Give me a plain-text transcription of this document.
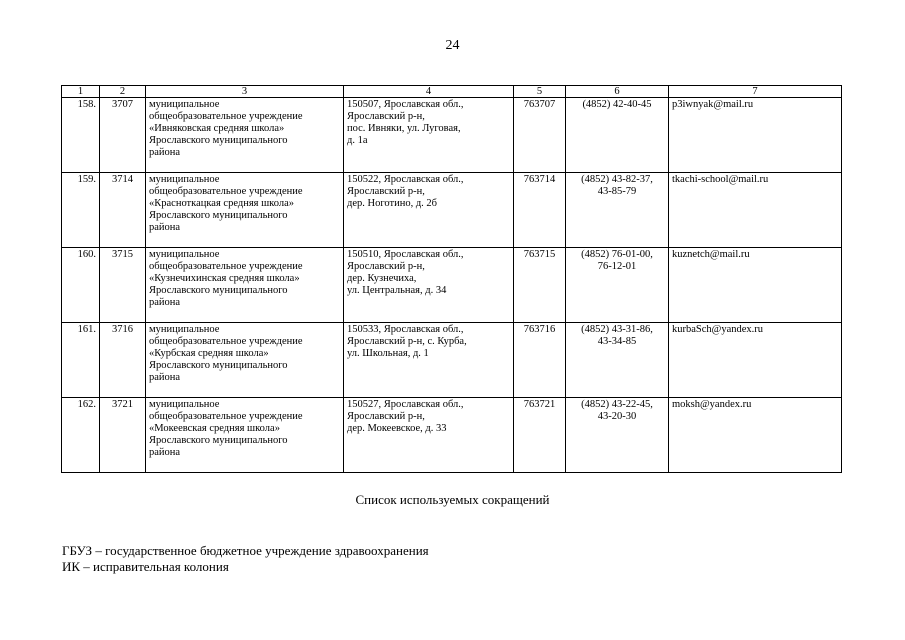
24
1	2	3	4	5	6	7
158.	3707	муниципальное
общеобразовательное учреждение
«Ивняковская средняя школа»
Ярославского муниципального
района	150507, Ярославская обл.,
Ярославский р-н,
пос. Ивняки, ул. Луговая,
д. 1а	763707	(4852) 42-40-45	p3iwnyak@mail.ru
159.	3714	муниципальное
общеобразовательное учреждение
«Красноткацкая средняя школа»
Ярославского муниципального
района	150522, Ярославская обл.,
Ярославский р-н,
дер. Ноготино, д. 2б	763714	(4852) 43-82-37,
43-85-79	tkachi-school@mail.ru
160.	3715	муниципальное
общеобразовательное учреждение
«Кузнечихинская средняя школа»
Ярославского муниципального
района	150510, Ярославская обл.,
Ярославский р-н,
дер. Кузнечиха,
ул. Центральная, д. 34	763715	(4852) 76-01-00,
76-12-01	kuznetch@mail.ru
161.	3716	муниципальное
общеобразовательное учреждение
«Курбская средняя школа»
Ярославского муниципального
района	150533, Ярославская обл.,
Ярославский р-н, с. Курба,
ул. Школьная, д. 1	763716	(4852) 43-31-86,
43-34-85	kurbaSch@yandex.ru
162.	3721	муниципальное
общеобразовательное учреждение
«Мокеевская средняя школа»
Ярославского муниципального
района	150527, Ярославская обл.,
Ярославский р-н,
дер. Мокеевское, д. 33	763721	(4852) 43-22-45,
43-20-30	moksh@yandex.ru
Список используемых сокращений
ГБУЗ – государственное бюджетное учреждение здравоохранения
ИК – исправительная колония
